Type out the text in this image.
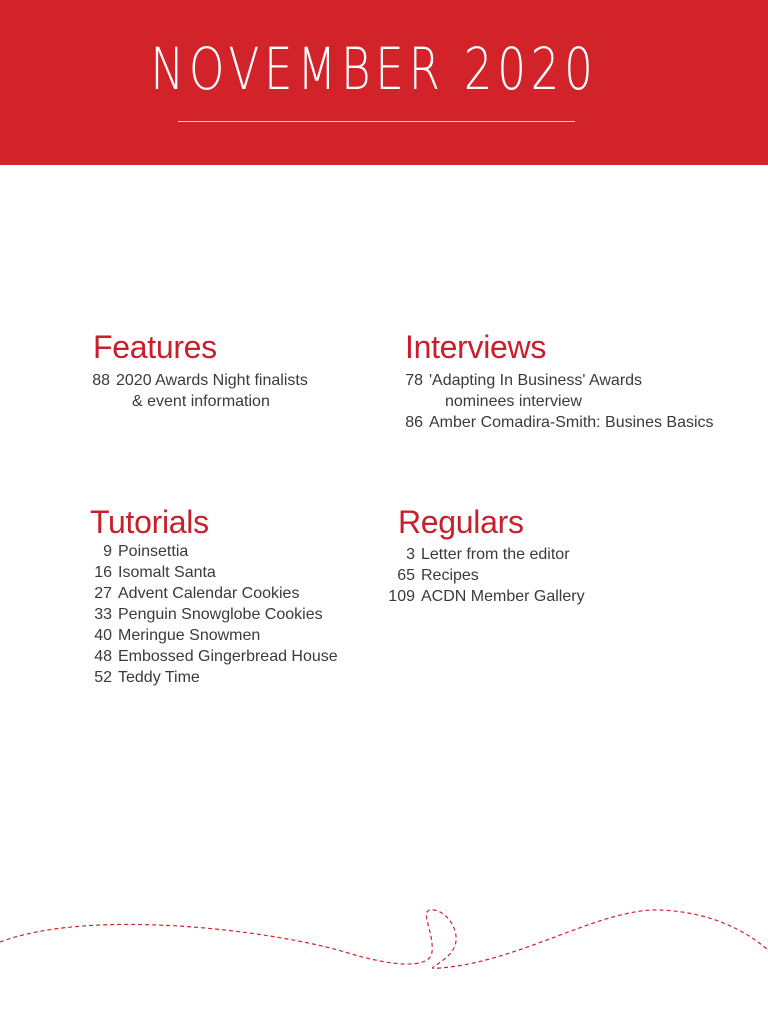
NOVEMBER 2020
Features
88 2020 Awards Night finalists
& event information
Interviews
78 'Adapting In Business' Awards
nominees interview
86 Amber Comadira-Smith: Busines Basics
Tutorials
9 Poinsettia
16 Isomalt Santa
27 Advent Calendar Cookies
33 Penguin Snowglobe Cookies
40 Meringue Snowmen
48 Embossed Gingerbread House
52 Teddy Time
Regulars
3 Letter from the editor
65 Recipes
109 ACDN Member Gallery
